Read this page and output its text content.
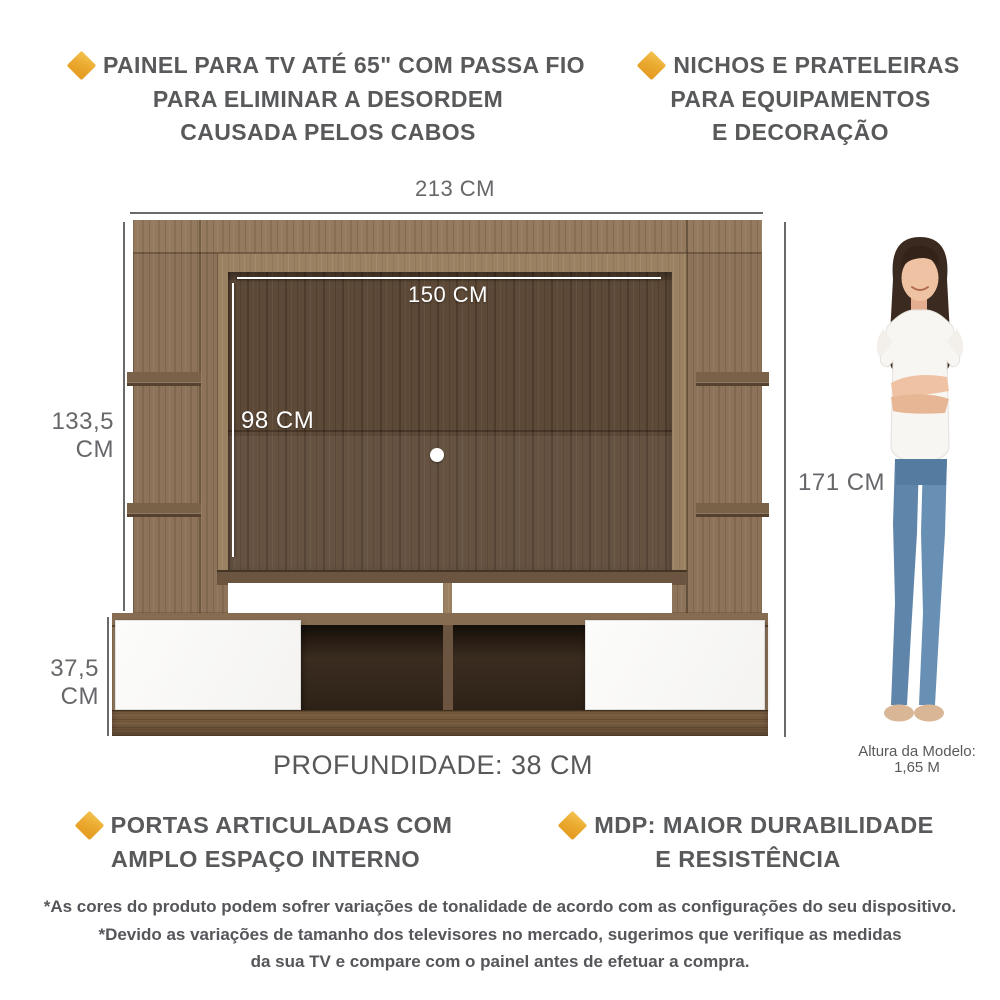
PAINEL PARA TV ATÉ 65" COM PASSA FIO
PARA ELIMINAR A DESORDEM
CAUSADA PELOS CABOS
NICHOS E PRATELEIRAS
PARA EQUIPAMENTOS
E DECORAÇÃO
213 CM
133,5 CM
37,5 CM
171 CM
150 CM
98 CM
PROFUNDIDADE: 38 CM	Altura da Modelo:
1,65 M
PORTAS ARTICULADAS COM
AMPLO ESPAÇO INTERNO
MDP: MAIOR DURABILIDADE
E RESISTÊNCIA
*As cores do produto podem sofrer variações de tonalidade de acordo com as configurações do seu dispositivo.
*Devido as variações de tamanho dos televisores no mercado, sugerimos que verifique as medidas
da sua TV e compare com o painel antes de efetuar a compra.
